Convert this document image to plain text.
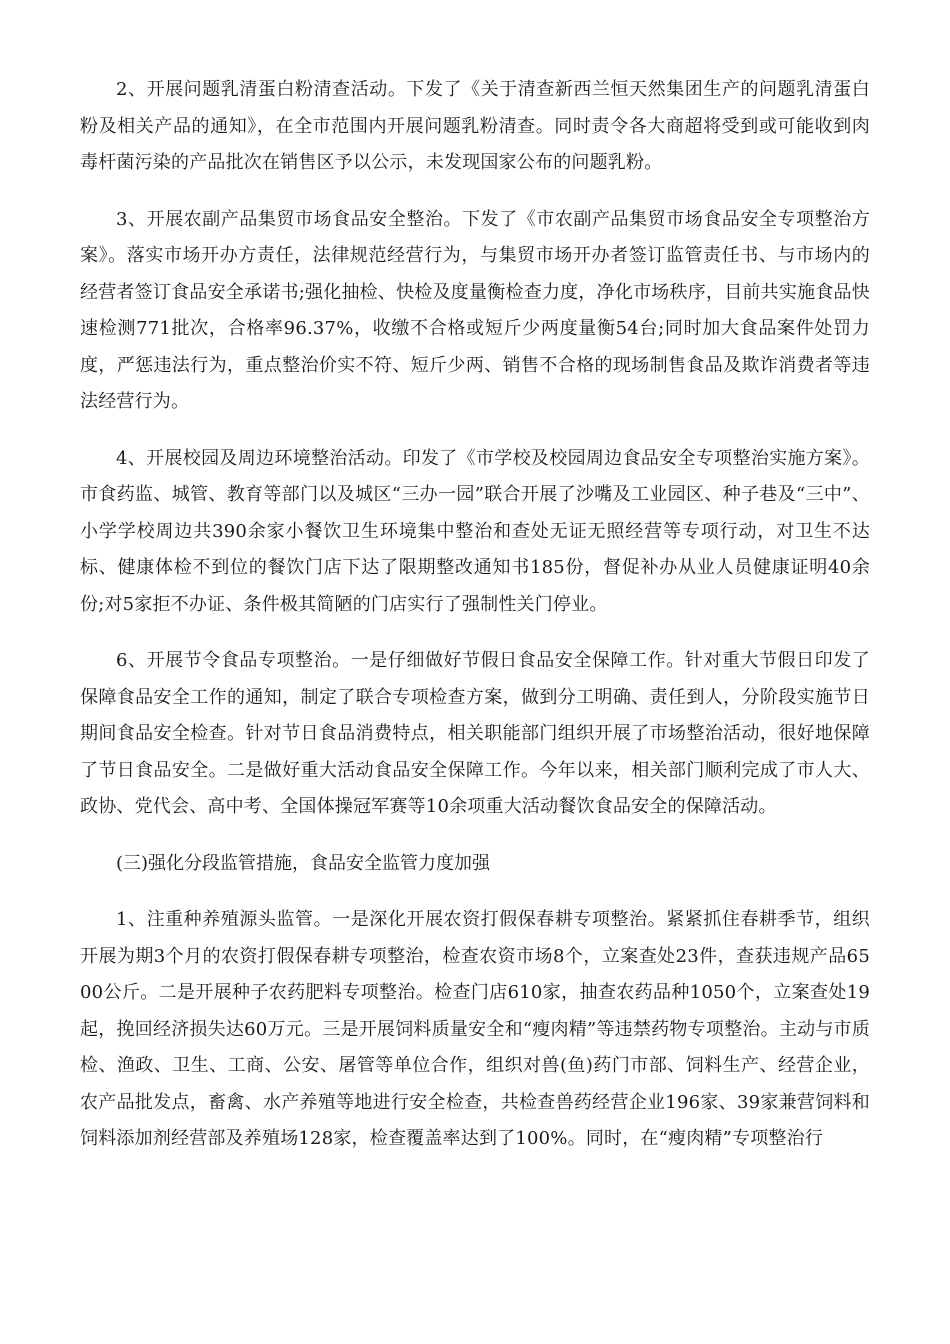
2、开展问题乳清蛋白粉清查活动。下发了《关于清查新西兰恒天然集团生产的问题乳清蛋白粉及相关产品的通知》，在全市范围内开展问题乳粉清查。同时责令各大商超将受到或可能收到肉毒杆菌污染的产品批次在销售区予以公示，未发现国家公布的问题乳粉。

3、开展农副产品集贸市场食品安全整治。下发了《市农副产品集贸市场食品安全专项整治方案》。落实市场开办方责任，法律规范经营行为，与集贸市场开办者签订监管责任书、与市场内的经营者签订食品安全承诺书;强化抽检、快检及度量衡检查力度，净化市场秩序，目前共实施食品快速检测771批次，合格率96.37%，收缴不合格或短斤少两度量衡54台;同时加大食品案件处罚力度，严惩违法行为，重点整治价实不符、短斤少两、销售不合格的现场制售食品及欺诈消费者等违法经营行为。

4、开展校园及周边环境整治活动。印发了《市学校及校园周边食品安全专项整治实施方案》。市食药监、城管、教育等部门以及城区“三办一园”联合开展了沙嘴及工业园区、种子巷及“三中”、小学学校周边共390余家小餐饮卫生环境集中整治和查处无证无照经营等专项行动，对卫生不达标、健康体检不到位的餐饮门店下达了限期整改通知书185份，督促补办从业人员健康证明40余份;对5家拒不办证、条件极其简陋的门店实行了强制性关门停业。

6、开展节令食品专项整治。一是仔细做好节假日食品安全保障工作。针对重大节假日印发了保障食品安全工作的通知，制定了联合专项检查方案，做到分工明确、责任到人，分阶段实施节日期间食品安全检查。针对节日食品消费特点，相关职能部门组织开展了市场整治活动，很好地保障了节日食品安全。二是做好重大活动食品安全保障工作。今年以来，相关部门顺利完成了市人大、政协、党代会、高中考、全国体操冠军赛等10余项重大活动餐饮食品安全的保障活动。

(三)强化分段监管措施，食品安全监管力度加强

1、注重种养殖源头监管。一是深化开展农资打假保春耕专项整治。紧紧抓住春耕季节，组织开展为期3个月的农资打假保春耕专项整治，检查农资市场8个，立案查处23件，查获违规产品6500公斤。二是开展种子农药肥料专项整治。检查门店610家，抽查农药品种1050个，立案查处19起，挽回经济损失达60万元。三是开展饲料质量安全和“瘦肉精”等违禁药物专项整治。主动与市质检、渔政、卫生、工商、公安、屠管等单位合作，组织对兽(鱼)药门市部、饲料生产、经营企业，农产品批发点，畜禽、水产养殖等地进行安全检查，共检查兽药经营企业196家、39家兼营饲料和饲料添加剂经营部及养殖场128家，检查覆盖率达到了100%。同时，在“瘦肉精”专项整治行
